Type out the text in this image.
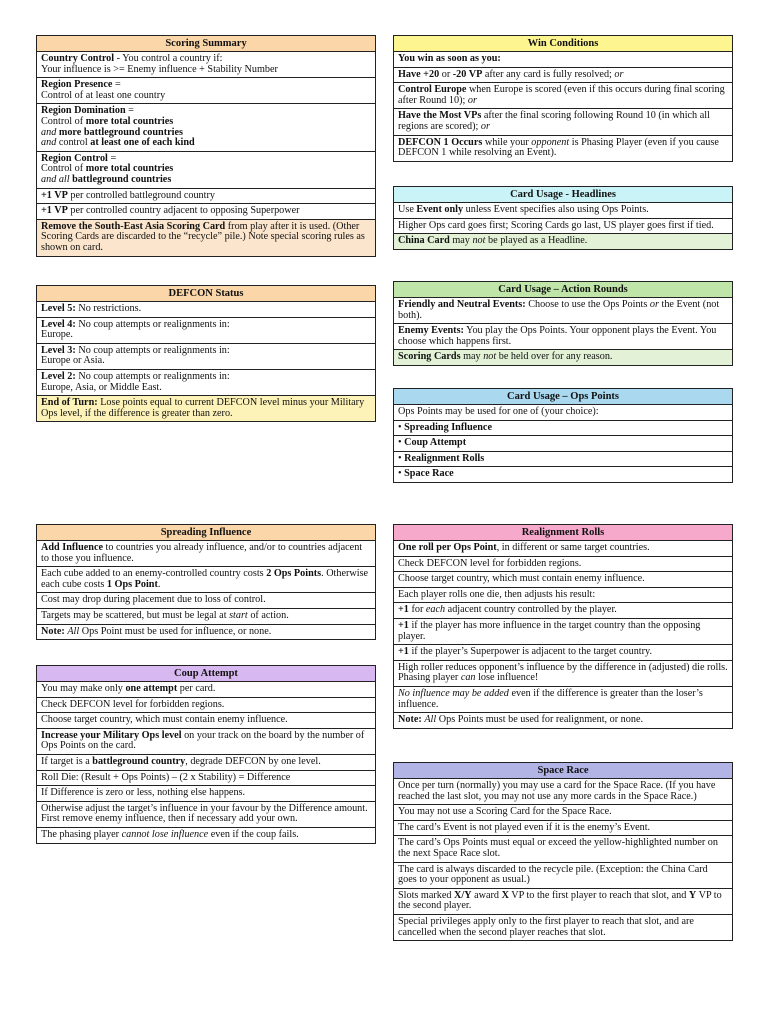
Scoring Summary
Country Control - You control a country if:
Your influence is >= Enemy influence + Stability Number
Region Presence =
Control of at least one country
Region Domination =
Control of more total countries
and more battleground countries
and control at least one of each kind
Region Control =
Control of more total countries
and all battleground countries
+1 VP per controlled battleground country
+1 VP per controlled country adjacent to opposing Superpower
Remove the South-East Asia Scoring Card from play after it is used. (Other Scoring Cards are discarded to the “recycle” pile.) Note special scoring rules as shown on card.
DEFCON Status
Level 5: No restrictions.
Level 4: No coup attempts or realignments in:
Europe.
Level 3: No coup attempts or realignments in:
Europe or Asia.
Level 2: No coup attempts or realignments in:
Europe, Asia, or Middle East.
End of Turn: Lose points equal to current DEFCON level minus your Military Ops level, if the difference is greater than zero.
Win Conditions
You win as soon as you:
Have +20 or -20 VP after any card is fully resolved; or
Control Europe when Europe is scored (even if this occurs during final scoring after Round 10); or
Have the Most VPs after the final scoring following Round 10 (in which all regions are scored); or
DEFCON 1 Occurs while your opponent is Phasing Player (even if you cause DEFCON 1 while resolving an Event).
Card Usage - Headlines
Use Event only unless Event specifies also using Ops Points.
Higher Ops card goes first; Scoring Cards go last, US player goes first if tied.
China Card may not be played as a Headline.
Card Usage – Action Rounds
Friendly and Neutral Events: Choose to use the Ops Points or the Event (not both).
Enemy Events: You play the Ops Points. Your opponent plays the Event. You choose which happens first.
Scoring Cards may not be held over for any reason.
Card Usage – Ops Points
Ops Points may be used for one of (your choice):
• Spreading Influence
• Coup Attempt
• Realignment Rolls
• Space Race
Spreading Influence
Add Influence to countries you already influence, and/or to countries adjacent to those you influence.
Each cube added to an enemy-controlled country costs 2 Ops Points. Otherwise each cube costs 1 Ops Point.
Cost may drop during placement due to loss of control.
Targets may be scattered, but must be legal at start of action.
Note: All Ops Point must be used for influence, or none.
Coup Attempt
You may make only one attempt per card.
Check DEFCON level for forbidden regions.
Choose target country, which must contain enemy influence.
Increase your Military Ops level on your track on the board by the number of Ops Points on the card.
If target is a battleground country, degrade DEFCON by one level.
Roll Die: (Result + Ops Points) – (2 x Stability) = Difference
If Difference is zero or less, nothing else happens.
Otherwise adjust the target’s influence in your favour by the Difference amount. First remove enemy influence, then if necessary add your own.
The phasing player cannot lose influence even if the coup fails.
Realignment Rolls
One roll per Ops Point, in different or same target countries.
Check DEFCON level for forbidden regions.
Choose target country, which must contain enemy influence.
Each player rolls one die, then adjusts his result:
+1 for each adjacent country controlled by the player.
+1 if the player has more influence in the target country than the opposing player.
+1 if the player’s Superpower is adjacent to the target country.
High roller reduces opponent’s influence by the difference in (adjusted) die rolls. Phasing player can lose influence!
No influence may be added even if the difference is greater than the loser’s influence.
Note: All Ops Points must be used for realignment, or none.
Space Race
Once per turn (normally) you may use a card for the Space Race. (If you have reached the last slot, you may not use any more cards in the Space Race.)
You may not use a Scoring Card for the Space Race.
The card’s Event is not played even if it is the enemy’s Event.
The card’s Ops Points must equal or exceed the yellow-highlighted number on the next Space Race slot.
The card is always discarded to the recycle pile. (Exception: the China Card goes to your opponent as usual.)
Slots marked X/Y award X VP to the first player to reach that slot, and Y VP to the second player.
Special privileges apply only to the first player to reach that slot, and are cancelled when the second player reaches that slot.
